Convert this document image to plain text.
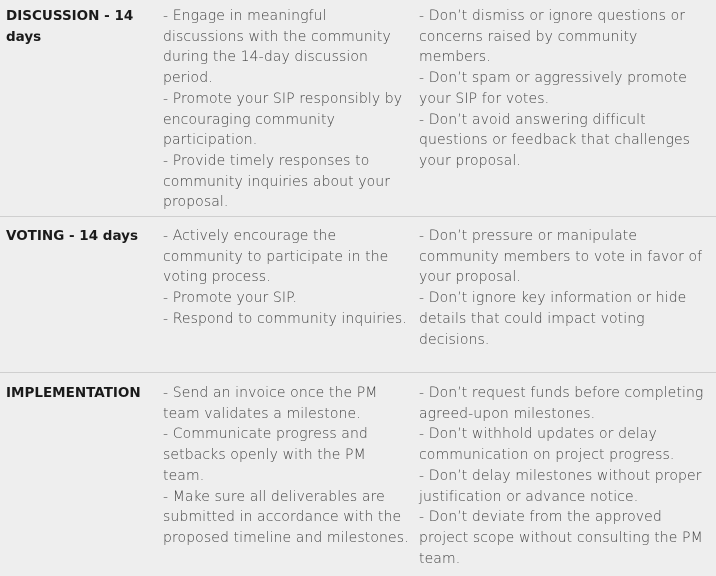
DISCUSSION - 14 days
- Engage in meaningful discussions with the community during the 14-day discussion period.
- Promote your SIP responsibly by encouraging community participation.
- Provide timely responses to community inquiries about your proposal.
- Don’t dismiss or ignore questions or concerns raised by community members.
- Don’t spam or aggressively promote your SIP for votes.
- Don’t avoid answering difficult questions or feedback that challenges your proposal.
VOTING - 14 days	- Actively encourage the community to participate in the voting process.
- Promote your SIP.
- Respond to community inquiries.
- Don’t pressure or manipulate community members to vote in favor of your proposal.
- Don’t ignore key information or hide details that could impact voting decisions.
IMPLEMENTATION	- Send an invoice once the PM team validates a milestone.
- Communicate progress and setbacks openly with the PM team.
- Make sure all deliverables are submitted in accordance with the proposed timeline and milestones.
- Don’t request funds before completing agreed-upon milestones.
- Don’t withhold updates or delay communication on project progress.
- Don’t delay milestones without proper justification or advance notice.
- Don’t deviate from the approved project scope without consulting the PM team.
